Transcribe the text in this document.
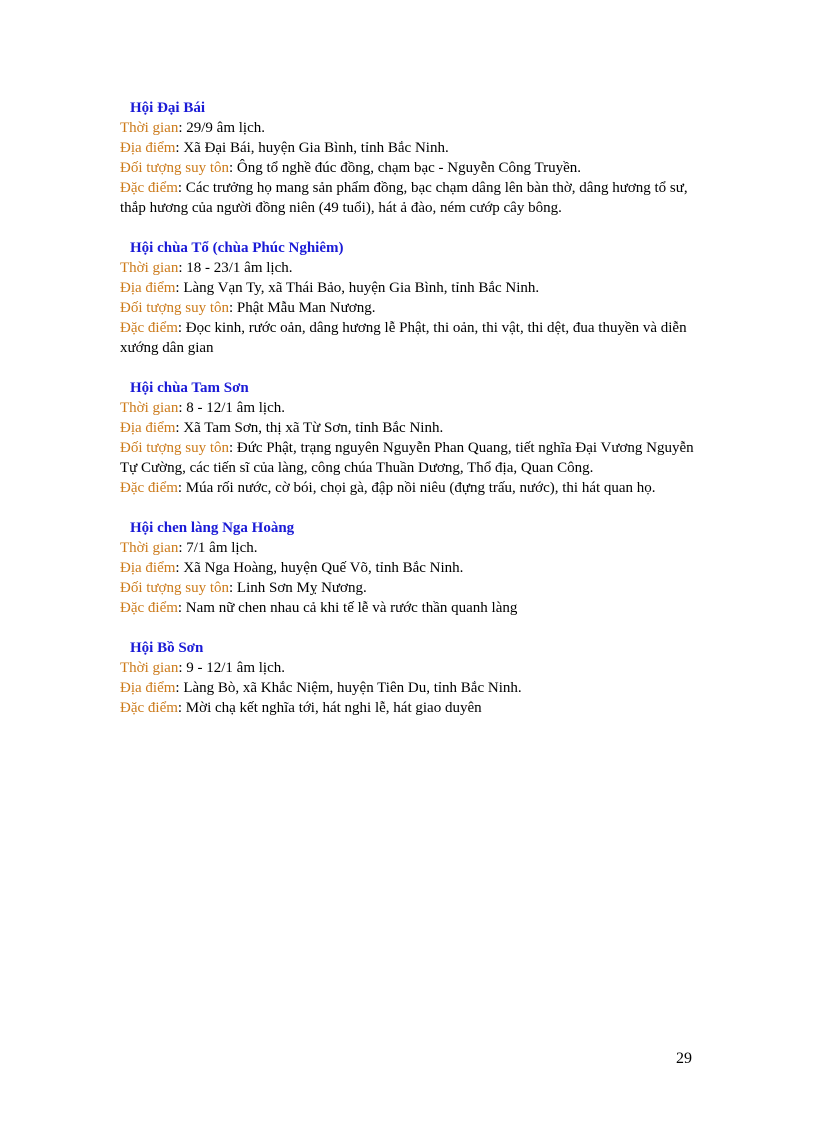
Hội Đại Bái
Thời gian: 29/9 âm lịch.
Địa điểm: Xã Đại Bái, huyện Gia Bình, tỉnh Bắc Ninh.
Đối tượng suy tôn: Ông tổ nghề đúc đồng, chạm bạc - Nguyễn Công Truyền.
Đặc điểm: Các trưởng họ mang sản phẩm đồng, bạc chạm dâng lên bàn thờ, dâng hương tổ sư, thắp hương của người đồng niên (49 tuổi), hát ả đào, ném cướp cây bông.
Hội chùa Tổ (chùa Phúc Nghiêm)
Thời gian: 18 - 23/1 âm lịch.
Địa điểm: Làng Vạn Ty, xã Thái Bảo, huyện Gia Bình, tỉnh Bắc Ninh.
Đối tượng suy tôn: Phật Mẫu Man Nương.
Đặc điểm: Đọc kinh, rước oản, dâng hương lễ Phật, thi oản, thi vật, thi dệt, đua thuyền và diễn xướng dân gian
Hội chùa Tam Sơn
Thời gian: 8 - 12/1 âm lịch.
Địa điểm: Xã Tam Sơn, thị xã Từ Sơn, tỉnh Bắc Ninh.
Đối tượng suy tôn: Đức Phật, trạng nguyên Nguyễn Phan Quang, tiết nghĩa Đại Vương Nguyễn Tự Cường, các tiến sĩ của làng, công chúa Thuần Dương, Thổ địa, Quan Công.
Đặc điểm: Múa rối nước, cờ bói, chọi gà, đập nồi niêu (đựng trấu, nước), thi hát quan họ.
Hội chen làng Nga Hoàng
Thời gian: 7/1 âm lịch.
Địa điểm: Xã Nga Hoàng, huyện Quế Võ, tỉnh Bắc Ninh.
Đối tượng suy tôn: Linh Sơn Mỵ Nương.
Đặc điểm: Nam nữ chen nhau cả khi tế lễ và rước thần quanh làng
Hội Bồ Sơn
Thời gian: 9 - 12/1 âm lịch.
Địa điểm: Làng Bò, xã Khắc Niệm, huyện Tiên Du, tỉnh Bắc Ninh.
Đặc điểm: Mời chạ kết nghĩa tới, hát nghi lễ, hát giao duyên
29
